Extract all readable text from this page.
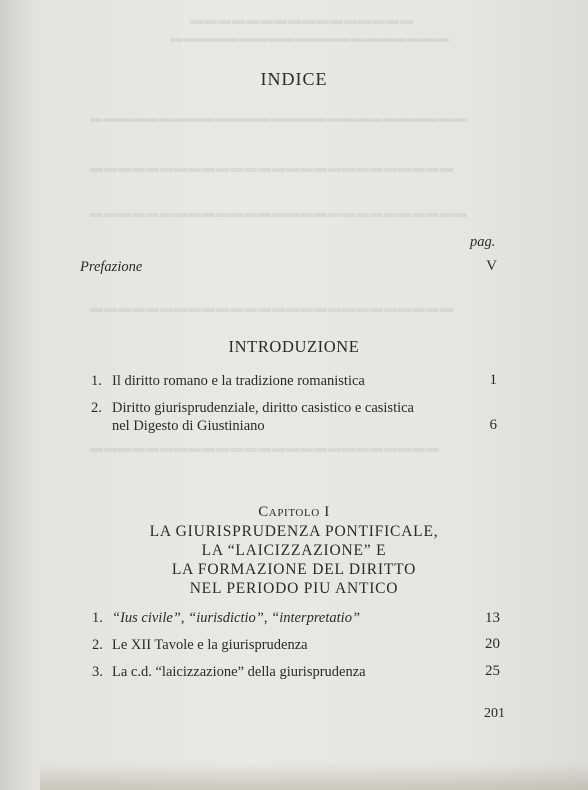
▬▬▬▬▬▬▬▬▬▬▬▬▬▬▬▬
▬▬▬▬▬▬▬▬▬▬▬▬▬▬▬▬▬▬▬▬
▬▬▬▬▬▬▬▬▬▬▬▬▬▬▬▬▬▬▬▬▬▬▬▬▬▬▬
▬▬▬▬▬▬▬▬▬▬▬▬▬▬▬▬▬▬▬▬▬▬▬▬▬▬
▬▬▬▬▬▬▬▬▬▬▬▬▬▬▬▬▬▬▬▬▬▬▬▬▬▬▬
▬▬▬▬▬▬▬▬▬▬▬▬▬▬▬▬▬▬▬▬▬▬▬▬▬▬
▬▬▬▬▬▬▬▬▬▬▬▬▬▬▬▬▬▬▬▬▬▬▬▬▬
INDICE
pag.
Prefazione	V
INTRODUZIONE
1. Il diritto romano e la tradizione romanistica	1
2. Diritto giurisprudenziale, diritto casistico e casistica
nel Digesto di Giustiniano	6
Capitolo I
LA GIURISPRUDENZA PONTIFICALE,
LA “LAICIZZAZIONE” E
LA FORMAZIONE DEL DIRITTO
NEL PERIODO PIU ANTICO
1. “Ius civile”, “iurisdictio”, “interpretatio”	13
2. Le XII Tavole e la giurisprudenza	20
3. La c.d. “laicizzazione” della giurisprudenza	25
201
